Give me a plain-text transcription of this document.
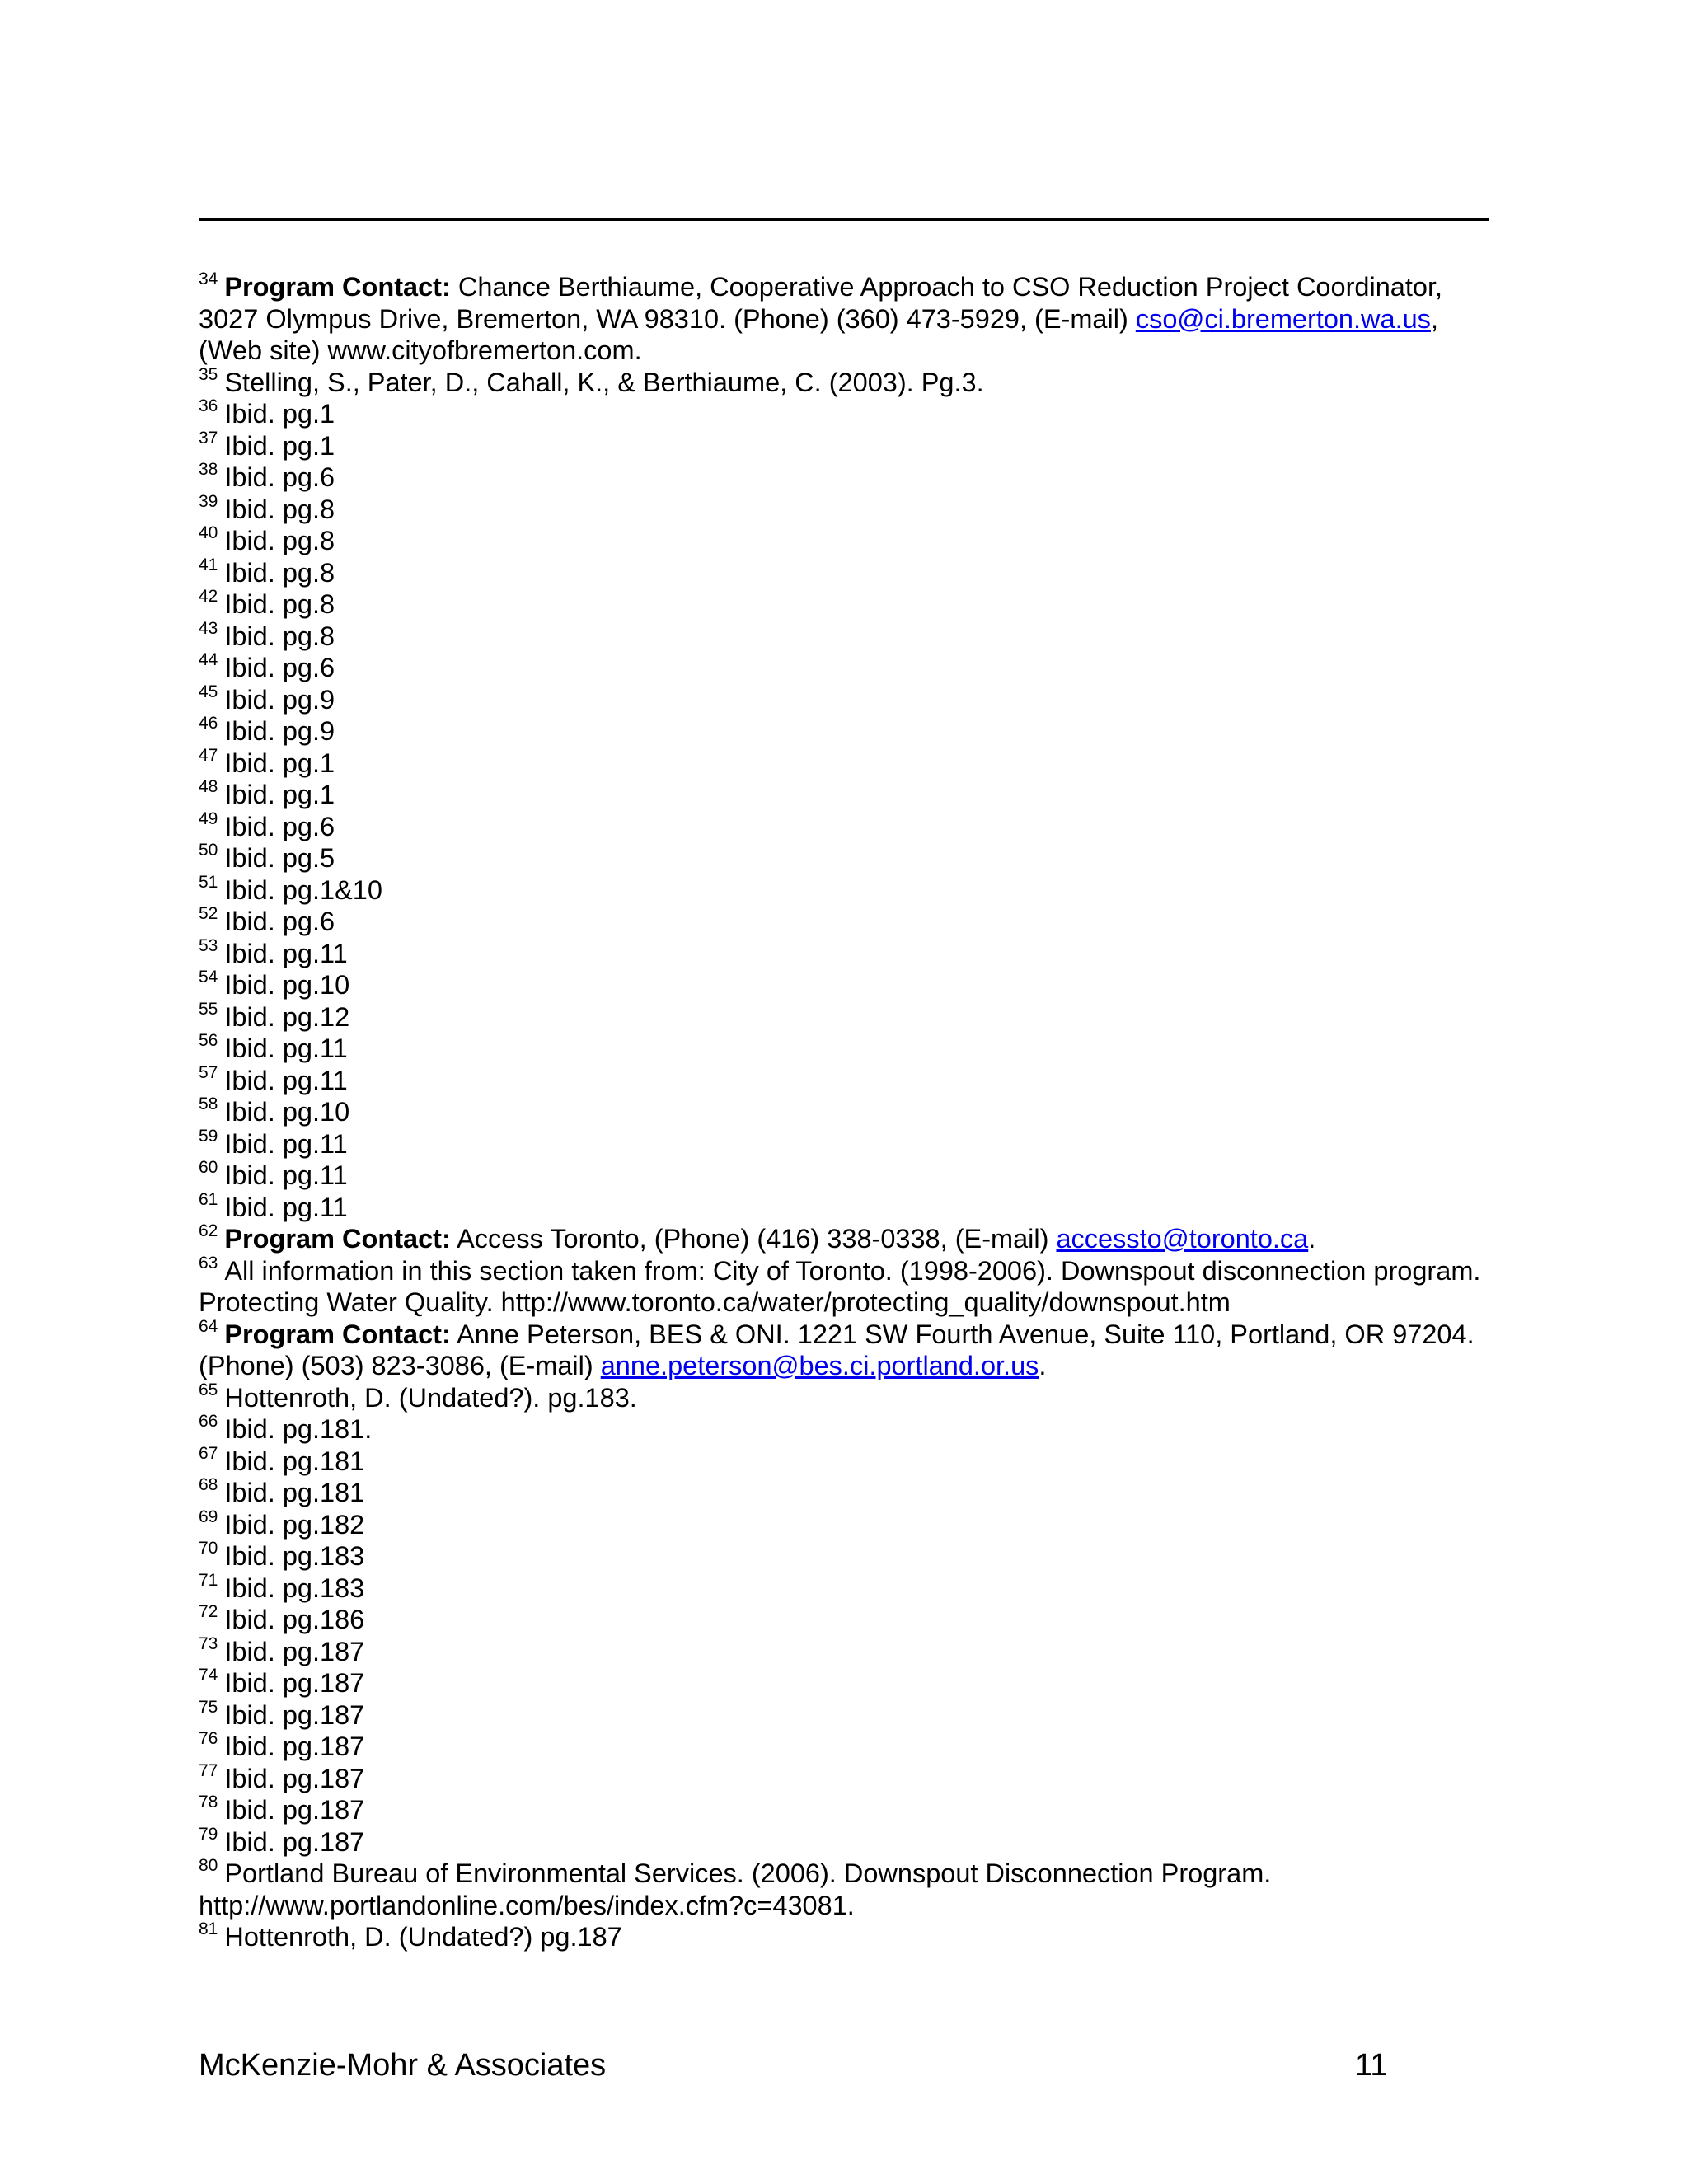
$^{34}$ Program Contact: Chance Berthiaume, Cooperative Approach to CSO Reduction Project Coordinator, 3027 Olympus Drive, Bremerton, WA 98310. (Phone) (360) 473-5929, (E-mail) cso@ci.bremerton.wa.us, (Web site) www.cityofbremerton.com.

$^{35}$ Stelling, S., Pater, D., Cahall, K., & Berthiaume, C. (2003). Pg.3.

$^{36}$ Ibid. pg.1

$^{37}$ Ibid. pg.1

$^{38}$ Ibid. pg.6

$^{39}$ Ibid. pg.8

$^{40}$ Ibid. pg.8

$^{41}$ Ibid. pg.8

$^{42}$ Ibid. pg.8

$^{43}$ Ibid. pg.8

$^{44}$ Ibid. pg.6

$^{45}$ Ibid. pg.9

$^{46}$ Ibid. pg.9

$^{47}$ Ibid. pg.1

$^{48}$ Ibid. pg.1

$^{49}$ Ibid. pg.6

$^{50}$ Ibid. pg.5

$^{51}$ Ibid. pg.1&10

$^{52}$ Ibid. pg.6

$^{53}$ Ibid. pg.11

$^{54}$ Ibid. pg.10

$^{55}$ Ibid. pg.12

$^{56}$ Ibid. pg.11

$^{57}$ Ibid. pg.11

$^{58}$ Ibid. pg.10

$^{59}$ Ibid. pg.11

$^{60}$ Ibid. pg.11

$^{61}$ Ibid. pg.11

$^{62}$ Program Contact: Access Toronto, (Phone) (416) 338-0338, (E-mail) accessto@toronto.ca.

$^{63}$ All information in this section taken from: City of Toronto. (1998-2006). Downspout disconnection program. Protecting Water Quality. http://www.toronto.ca/water/protecting_quality/downspout.htm

$^{64}$ Program Contact: Anne Peterson, BES & ONI. 1221 SW Fourth Avenue, Suite 110, Portland, OR 97204. (Phone) (503) 823-3086, (E-mail) anne.peterson@bes.ci.portland.or.us.

$^{65}$ Hottenroth, D. (Undated?). pg.183.

$^{66}$ Ibid. pg.181.

$^{67}$ Ibid. pg.181

$^{68}$ Ibid. pg.181

$^{69}$ Ibid. pg.182

$^{70}$ Ibid. pg.183

$^{71}$ Ibid. pg.183

$^{72}$ Ibid. pg.186

$^{73}$ Ibid. pg.187

$^{74}$ Ibid. pg.187

$^{75}$ Ibid. pg.187

$^{76}$ Ibid. pg.187

$^{77}$ Ibid. pg.187

$^{78}$ Ibid. pg.187

$^{79}$ Ibid. pg.187

$^{80}$ Portland Bureau of Environmental Services. (2006). Downspout Disconnection Program. http://www.portlandonline.com/bes/index.cfm?c=43081.

$^{81}$ Hottenroth, D. (Undated?) pg.187

McKenzie-Mohr & Associates	11
